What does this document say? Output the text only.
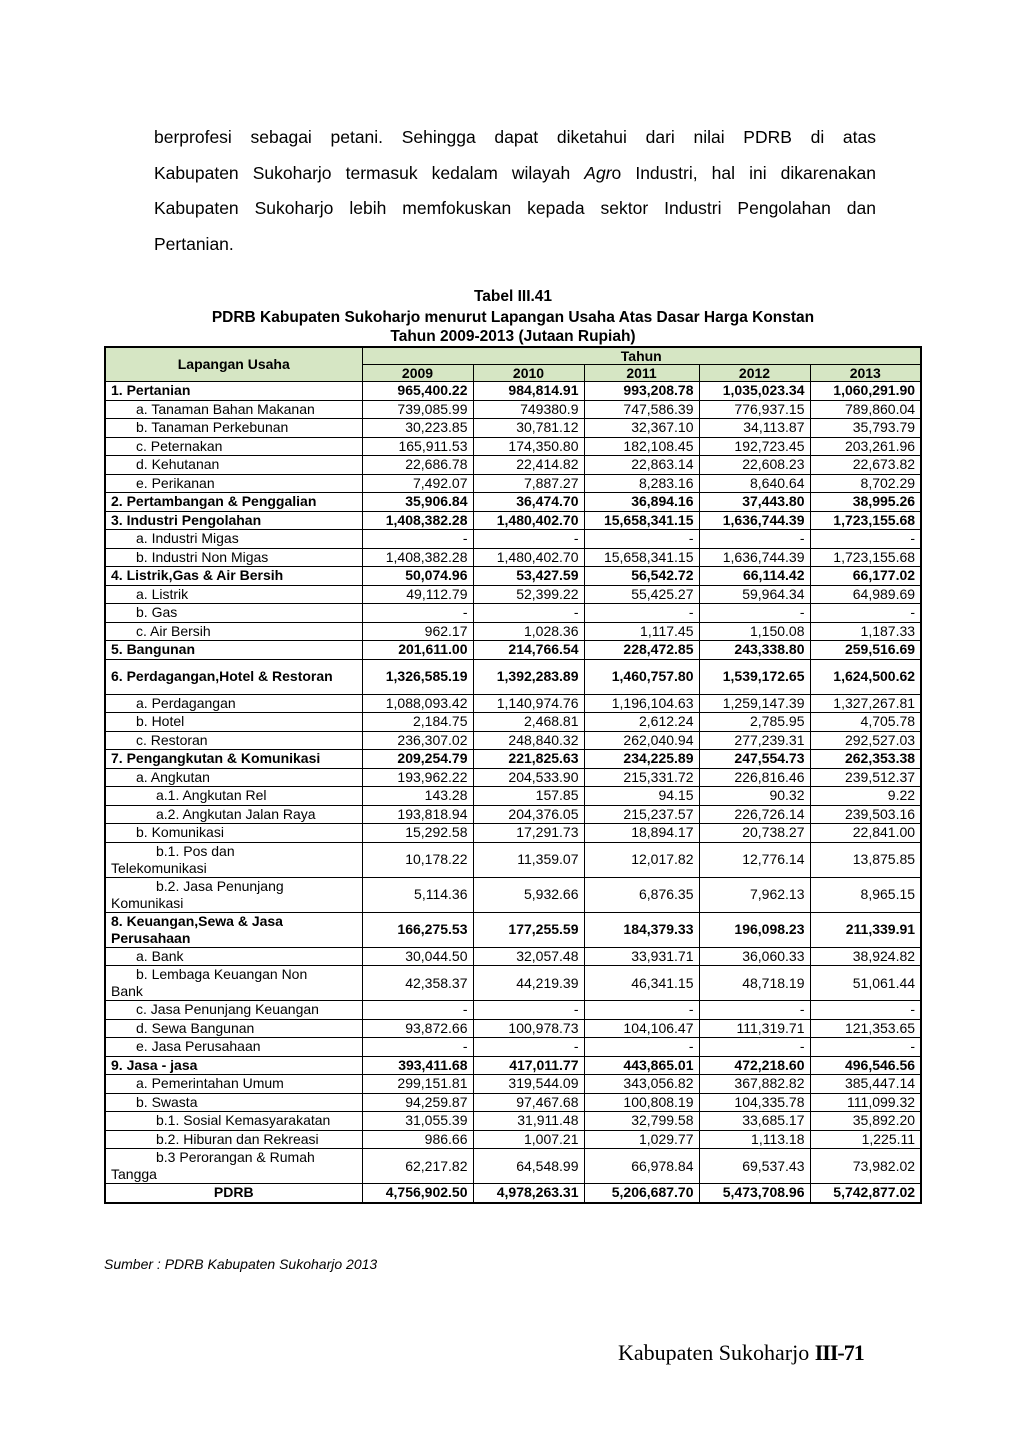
berprofesi sebagai petani. Sehingga dapat diketahui dari nilai PDRB di atas
Kabupaten Sukoharjo termasuk kedalam wilayah Agro Industri, hal ini dikarenakan
Kabupaten Sukoharjo lebih memfokuskan kepada sektor Industri Pengolahan dan
Pertanian.
Tabel III.41
PDRB Kabupaten Sukoharjo menurut Lapangan Usaha Atas Dasar Harga Konstan
Tahun 2009-2013 (Jutaan Rupiah)
Lapangan Usaha	Tahun				
	2009	2010	2011	2012	2013
1. Pertanian	965,400.22	984,814.91	993,208.78	1,035,023.34	1,060,291.90
a. Tanaman Bahan Makanan	739,085.99	749380.9	747,586.39	776,937.15	789,860.04
b. Tanaman Perkebunan	30,223.85	30,781.12	32,367.10	34,113.87	35,793.79
c. Peternakan	165,911.53	174,350.80	182,108.45	192,723.45	203,261.96
d. Kehutanan	22,686.78	22,414.82	22,863.14	22,608.23	22,673.82
e. Perikanan	7,492.07	7,887.27	8,283.16	8,640.64	8,702.29
2. Pertambangan & Penggalian	35,906.84	36,474.70	36,894.16	37,443.80	38,995.26
3. Industri Pengolahan	1,408,382.28	1,480,402.70	15,658,341.15	1,636,744.39	1,723,155.68
a. Industri Migas	-	-	-	-	-
b. Industri Non Migas	1,408,382.28	1,480,402.70	15,658,341.15	1,636,744.39	1,723,155.68
4. Listrik,Gas & Air Bersih	50,074.96	53,427.59	56,542.72	66,114.42	66,177.02
a. Listrik	49,112.79	52,399.22	55,425.27	59,964.34	64,989.69
b. Gas	-	-	-	-	-
c. Air Bersih	962.17	1,028.36	1,117.45	1,150.08	1,187.33
5. Bangunan	201,611.00	214,766.54	228,472.85	243,338.80	259,516.69
6. Perdagangan,Hotel & Restoran	1,326,585.19	1,392,283.89	1,460,757.80	1,539,172.65	1,624,500.62
a. Perdagangan	1,088,093.42	1,140,974.76	1,196,104.63	1,259,147.39	1,327,267.81
b. Hotel	2,184.75	2,468.81	2,612.24	2,785.95	4,705.78
c. Restoran	236,307.02	248,840.32	262,040.94	277,239.31	292,527.03
7. Pengangkutan & Komunikasi	209,254.79	221,825.63	234,225.89	247,554.73	262,353.38
a. Angkutan	193,962.22	204,533.90	215,331.72	226,816.46	239,512.37
a.1. Angkutan Rel	143.28	157.85	94.15	90.32	9.22
a.2. Angkutan Jalan Raya	193,818.94	204,376.05	215,237.57	226,726.14	239,503.16
b. Komunikasi	15,292.58	17,291.73	18,894.17	20,738.27	22,841.00

b.1. Pos dan
Telekomunikasi	10,178.22	11,359.07	12,017.82	12,776.14	13,875.85

b.2. Jasa Penunjang
Komunikasi	5,114.36	5,932.66	6,876.35	7,962.13	8,965.15
8. Keuangan,Sewa & Jasa Perusahaan	166,275.53	177,255.59	184,379.33	196,098.23	211,339.91
a. Bank	30,044.50	32,057.48	33,931.71	36,060.33	38,924.82

b. Lembaga Keuangan Non
Bank	42,358.37	44,219.39	46,341.15	48,718.19	51,061.44
c. Jasa Penunjang Keuangan	-	-	-	-	-
d. Sewa Bangunan	93,872.66	100,978.73	104,106.47	111,319.71	121,353.65
e. Jasa Perusahaan	-	-	-	-	-
9. Jasa - jasa	393,411.68	417,011.77	443,865.01	472,218.60	496,546.56
a. Pemerintahan Umum	299,151.81	319,544.09	343,056.82	367,882.82	385,447.14
b. Swasta	94,259.87	97,467.68	100,808.19	104,335.78	111,099.32
b.1. Sosial Kemasyarakatan	31,055.39	31,911.48	32,799.58	33,685.17	35,892.20
b.2. Hiburan dan Rekreasi	986.66	1,007.21	1,029.77	1,113.18	1,225.11

b.3 Perorangan & Rumah
Tangga	62,217.82	64,548.99	66,978.84	69,537.43	73,982.02
PDRB	4,756,902.50	4,978,263.31	5,206,687.70	5,473,708.96	5,742,877.02
Sumber : PDRB Kabupaten Sukoharjo 2013
Kabupaten Sukoharjo III-71
